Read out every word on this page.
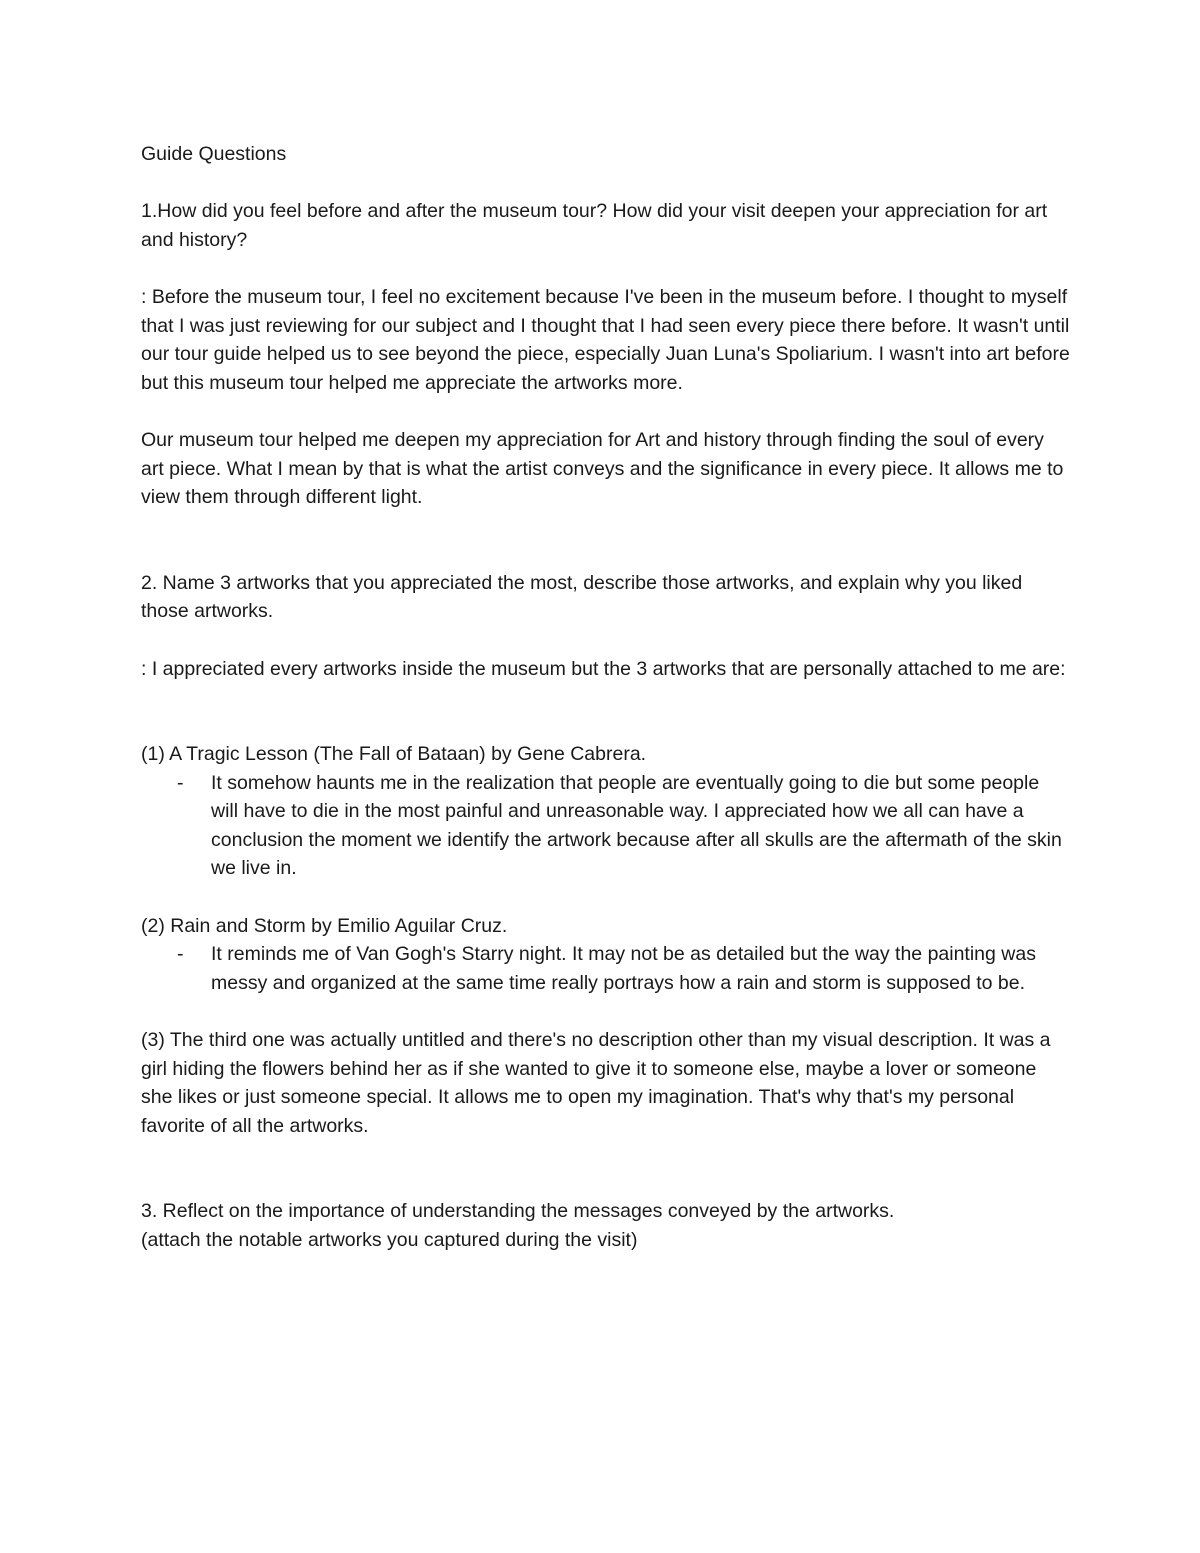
Guide Questions

1.How did you feel before and after the museum tour? How did your visit deepen your appreciation for art and history?

: Before the museum tour, I feel no excitement because I've been in the museum before. I thought to myself that I was just reviewing for our subject and I thought that I had seen every piece there before. It wasn't until our tour guide helped us to see beyond the piece, especially Juan Luna's Spoliarium. I wasn't into art before but this museum tour helped me appreciate the artworks more.

Our museum tour helped me deepen my appreciation for Art and history through finding the soul of every art piece. What I mean by that is what the artist conveys and the significance in every piece. It allows me to view them through different light.

2. Name 3 artworks that you appreciated the most, describe those artworks, and explain why you liked those artworks.

: I appreciated every artworks inside the museum but the 3 artworks that are personally attached to me are:

(1) A Tragic Lesson (The Fall of Bataan) by Gene Cabrera.

- It somehow haunts me in the realization that people are eventually going to die but some people will have to die in the most painful and unreasonable way. I appreciated how we all can have a conclusion the moment we identify the artwork because after all skulls are the aftermath of the skin we live in.

(2) Rain and Storm by Emilio Aguilar Cruz.

- It reminds me of Van Gogh's Starry night. It may not be as detailed but the way the painting was messy and organized at the same time really portrays how a rain and storm is supposed to be.

(3) The third one was actually untitled and there's no description other than my visual description. It was a girl hiding the flowers behind her as if she wanted to give it to someone else, maybe a lover or someone she likes or just someone special. It allows me to open my imagination. That's why that's my personal favorite of all the artworks.

3. Reflect on the importance of understanding the messages conveyed by the artworks.

(attach the notable artworks you captured during the visit)
